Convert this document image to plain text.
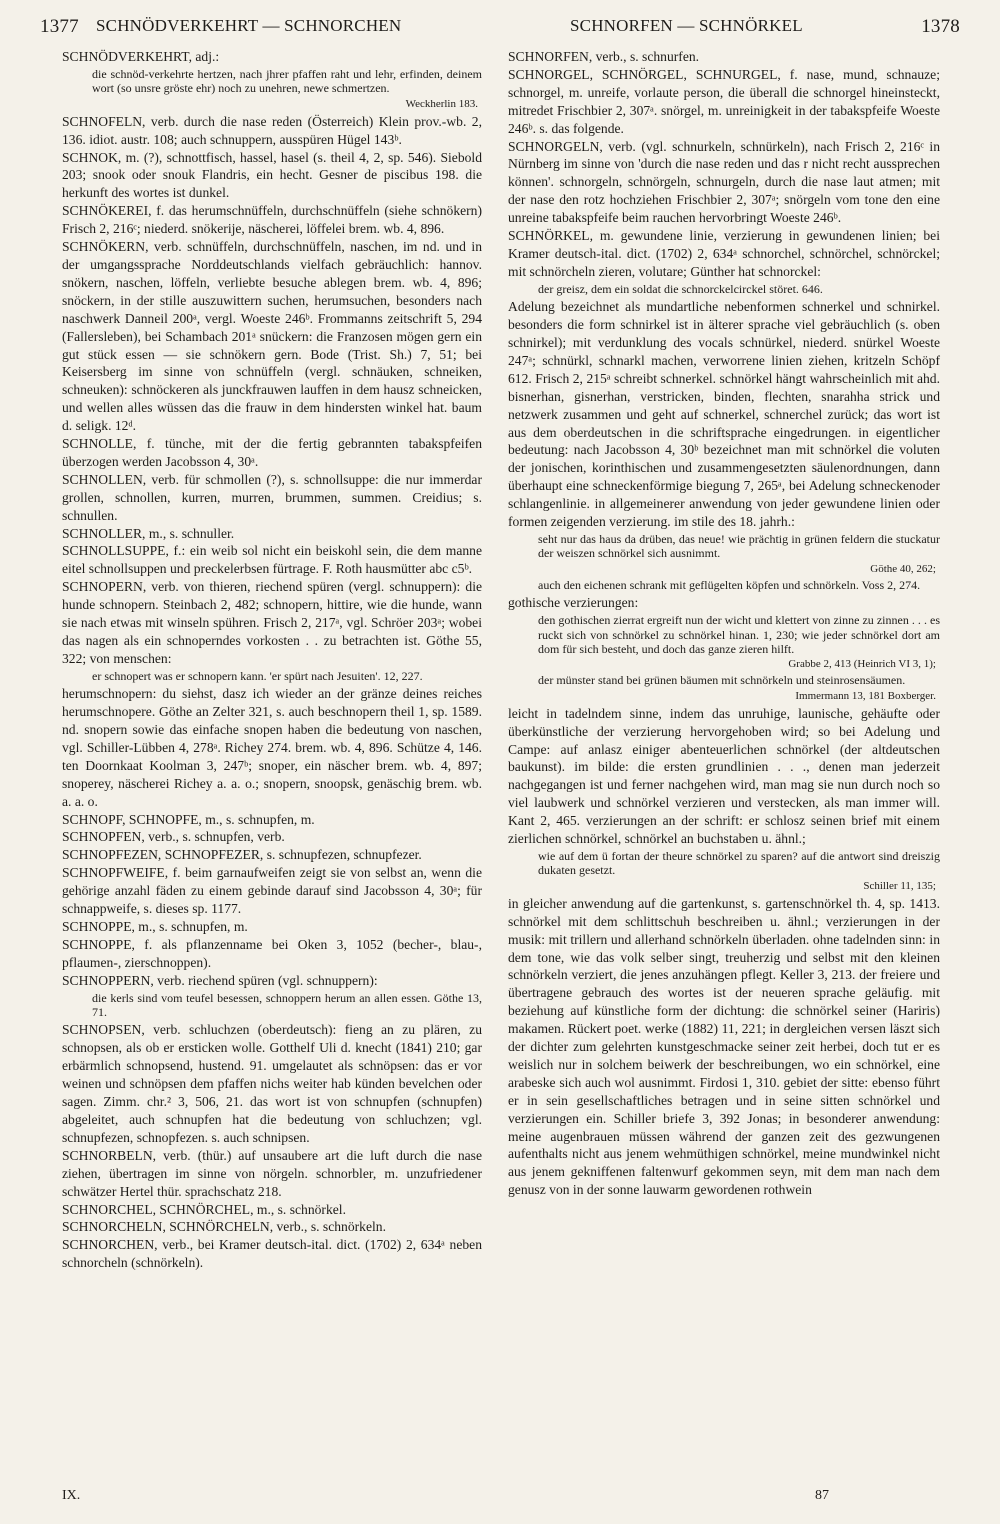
1377 SCHNÖDVERKEHRT — SCHNORCHEN	SCHNORFEN — SCHNÖRKEL	1378
SCHNÖDVERKEHRT, adj.:
die schnöd-verkehrte hertzen, nach jhrer pfaffen raht und lehr, erfinden, deinem wort (so unsre gröste ehr) noch zu unehren, newe schmertzen.
Weckherlin 183.
SCHNOFELN, verb. durch die nase reden (Österreich) Klein prov.-wb. 2, 136. idiot. austr. 108; auch schnuppern, ausspüren Hügel 143ᵇ.
SCHNOK, m. (?), schnottfisch, hassel, hasel (s. theil 4, 2, sp. 546). Siebold 203; snook oder snouk Flandris, ein hecht. Gesner de piscibus 198. die herkunft des wortes ist dunkel.
SCHNÖKEREI, f. das herumschnüffeln, durchschnüffeln (siehe schnökern) Frisch 2, 216ᶜ; niederd. snökerije, näscherei, löffelei brem. wb. 4, 896.
SCHNÖKERN, verb. schnüffeln, durchschnüffeln, naschen, im nd. und in der umgangssprache Norddeutschlands vielfach gebräuchlich: hannov. snökern, naschen, löffeln, verliebte besuche ablegen brem. wb. 4, 896; snöckern, in der stille auszuwittern suchen, herumsuchen, besonders nach naschwerk Danneil 200ᵃ, vergl. Woeste 246ᵇ. Frommanns zeitschrift 5, 294 (Fallersleben), bei Schambach 201ᵃ snückern: die Franzosen mögen gern ein gut stück essen — sie schnökern gern. Bode (Trist. Sh.) 7, 51; bei Keisersberg im sinne von schnüffeln (vergl. schnäuken, schneiken, schneuken): schnöckeren als junckfrauwen lauffen in dem hausz schneicken, und wellen alles wüssen das die frauw in dem hindersten winkel hat. baum d. seligk. 12ᵈ.
SCHNOLLE, f. tünche, mit der die fertig gebrannten tabakspfeifen überzogen werden Jacobsson 4, 30ᵃ.
SCHNOLLEN, verb. für schmollen (?), s. schnollsuppe: die nur immerdar grollen, schnollen, kurren, murren, brummen, summen. Creidius; s. schnullen.
SCHNOLLER, m., s. schnuller.
SCHNOLLSUPPE, f.: ein weib sol nicht ein beiskohl sein, die dem manne eitel schnollsuppen und preckelerbsen fürtrage. F. Roth hausmütter abc c5ᵇ.
SCHNOPERN, verb. von thieren, riechend spüren (vergl. schnuppern): die hunde schnopern. Steinbach 2, 482; schnopern, hittire, wie die hunde, wann sie nach etwas mit winseln spühren. Frisch 2, 217ᵃ, vgl. Schröer 203ᵃ; wobei das nagen als ein schnoperndes vorkosten . . zu betrachten ist. Göthe 55, 322; von menschen:
er schnopert was er schnopern kann. 'er spürt nach Jesuiten'. 12, 227.
herumschnopern: du siehst, dasz ich wieder an der gränze deines reiches herumschnopere. Göthe an Zelter 321, s. auch beschnopern theil 1, sp. 1589. nd. snopern sowie das einfache snopen haben die bedeutung von naschen, vgl. Schiller-Lübben 4, 278ᵃ. Richey 274. brem. wb. 4, 896. Schütze 4, 146. ten Doornkaat Koolman 3, 247ᵇ; snoper, ein näscher brem. wb. 4, 897; snoperey, näscherei Richey a. a. o.; snopern, snoopsk, genäschig brem. wb. a. a. o.
SCHNOPF, SCHNOPFE, m., s. schnupfen, m.
SCHNOPFEN, verb., s. schnupfen, verb.
SCHNOPFEZEN, SCHNOPFEZER, s. schnupfezen, schnupfezer.
SCHNOPFWEIFE, f. beim garnaufweifen zeigt sie von selbst an, wenn die gehörige anzahl fäden zu einem gebinde darauf sind Jacobsson 4, 30ᵃ; für schnappweife, s. dieses sp. 1177.
SCHNOPPE, m., s. schnupfen, m.
SCHNOPPE, f. als pflanzenname bei Oken 3, 1052 (becher-, blau-, pflaumen-, zierschnoppen).
SCHNOPPERN, verb. riechend spüren (vgl. schnuppern):
die kerls sind vom teufel besessen, schnoppern herum an allen essen. Göthe 13, 71.
SCHNOPSEN, verb. schluchzen (oberdeutsch): fieng an zu plären, zu schnopsen, als ob er ersticken wolle. Gotthelf Uli d. knecht (1841) 210; gar erbärmlich schnopsend, hustend. 91. umgelautet als schnöpsen: das er vor weinen und schnöpsen dem pfaffen nichs weiter hab künden bevelchen oder sagen. Zimm. chr.² 3, 506, 21. das wort ist von schnupfen (schnupfen) abgeleitet, auch schnupfen hat die bedeutung von schluchzen; vgl. schnupfezen, schnopfezen. s. auch schnipsen.
SCHNORBELN, verb. (thür.) auf unsaubere art die luft durch die nase ziehen, übertragen im sinne von nörgeln. schnorbler, m. unzufriedener schwätzer Hertel thür. sprachschatz 218.
SCHNORCHEL, SCHNÖRCHEL, m., s. schnörkel.
SCHNORCHELN, SCHNÖRCHELN, verb., s. schnörkeln.
SCHNORCHEN, verb., bei Kramer deutsch-ital. dict. (1702) 2, 634ᵃ neben schnorcheln (schnörkeln).
SCHNORFEN, verb., s. schnurfen.
SCHNORGEL, SCHNÖRGEL, SCHNURGEL, f. nase, mund, schnauze; schnorgel, m. unreife, vorlaute person, die überall die schnorgel hineinsteckt, mitredet Frischbier 2, 307ᵃ. snörgel, m. unreinigkeit in der tabakspfeife Woeste 246ᵇ. s. das folgende.
SCHNORGELN, verb. (vgl. schnurkeln, schnürkeln), nach Frisch 2, 216ᶜ in Nürnberg im sinne von 'durch die nase reden und das r nicht recht aussprechen können'. schnorgeln, schnörgeln, schnurgeln, durch die nase laut atmen; mit der nase den rotz hochziehen Frischbier 2, 307ᵃ; snörgeln vom tone den eine unreine tabakspfeife beim rauchen hervorbringt Woeste 246ᵇ.
SCHNÖRKEL, m. gewundene linie, verzierung in gewundenen linien; bei Kramer deutsch-ital. dict. (1702) 2, 634ᵃ schnorchel, schnörchel, schnörckel; mit schnörcheln zieren, volutare; Günther hat schnorckel:
der greisz, dem ein soldat die schnorckelcirckel störet. 646.
Adelung bezeichnet als mundartliche nebenformen schnerkel und schnirkel. besonders die form schnirkel ist in älterer sprache viel gebräuchlich (s. oben schnirkel); mit verdunklung des vocals schnürkel, niederd. snürkel Woeste 247ᵃ; schnürkl, schnarkl machen, verworrene linien ziehen, kritzeln Schöpf 612. Frisch 2, 215ᵃ schreibt schnerkel. schnörkel hängt wahrscheinlich mit ahd. bisnerhan, gisnerhan, verstricken, binden, flechten, snarahha strick und netzwerk zusammen und geht auf schnerkel, schnerchel zurück; das wort ist aus dem oberdeutschen in die schriftsprache eingedrungen. in eigentlicher bedeutung: nach Jacobsson 4, 30ᵇ bezeichnet man mit schnörkel die voluten der jonischen, korinthischen und zusammengesetzten säulenordnungen, dann überhaupt eine schneckenförmige biegung 7, 265ᵃ, bei Adelung schneckenoder schlangenlinie. in allgemeinerer anwendung von jeder gewundene linien oder formen zeigenden verzierung. im stile des 18. jahrh.:
seht nur das haus da drüben, das neue! wie prächtig in grünen feldern die stuckatur der weiszen schnörkel sich ausnimmt.
Göthe 40, 262;
auch den eichenen schrank mit geflügelten köpfen und schnörkeln. Voss 2, 274.
gothische verzierungen:
den gothischen zierrat ergreift nun der wicht und klettert von zinne zu zinnen . . . es ruckt sich von schnörkel zu schnörkel hinan. 1, 230; wie jeder schnörkel dort am dom für sich besteht, und doch das ganze zieren hilft.
Grabbe 2, 413 (Heinrich VI 3, 1);
der münster stand bei grünen bäumen mit schnörkeln und steinrosensäumen.
Immermann 13, 181 Boxberger.
leicht in tadelndem sinne, indem das unruhige, launische, gehäufte oder überkünstliche der verzierung hervorgehoben wird; so bei Adelung und Campe: auf anlasz einiger abenteuerlichen schnörkel (der altdeutschen baukunst). im bilde: die ersten grundlinien . . ., denen man jederzeit nachgegangen ist und ferner nachgehen wird, man mag sie nun durch noch so viel laubwerk und schnörkel verzieren und verstecken, als man immer will. Kant 2, 465. verzierungen an der schrift: er schlosz seinen brief mit einem zierlichen schnörkel, schnörkel an buchstaben u. ähnl.;
wie auf dem ü fortan der theure schnörkel zu sparen? auf die antwort sind dreiszig dukaten gesetzt.
Schiller 11, 135;
in gleicher anwendung auf die gartenkunst, s. gartenschnörkel th. 4, sp. 1413. schnörkel mit dem schlittschuh beschreiben u. ähnl.; verzierungen in der musik: mit trillern und allerhand schnörkeln überladen. ohne tadelnden sinn: in dem tone, wie das volk selber singt, treuherzig und selbst mit den kleinen schnörkeln verziert, die jenes anzuhängen pflegt. Keller 3, 213. der freiere und übertragene gebrauch des wortes ist der neueren sprache geläufig. mit beziehung auf künstliche form der dichtung: die schnörkel seiner (Hariris) makamen. Rückert poet. werke (1882) 11, 221; in dergleichen versen läszt sich der dichter zum gelehrten kunstgeschmacke seiner zeit herbei, doch tut er es weislich nur in solchem beiwerk der beschreibungen, wo ein schnörkel, eine arabeske sich auch wol ausnimmt. Firdosi 1, 310. gebiet der sitte: ebenso führt er in sein gesellschaftliches betragen und in seine sitten schnörkel und verzierungen ein. Schiller briefe 3, 392 Jonas; in besonderer anwendung: meine augenbrauen müssen während der ganzen zeit des gezwungenen aufenthalts nicht aus jenem wehmüthigen schnörkel, meine mundwinkel nicht aus jenem gekniffenen faltenwurf gekommen seyn, mit dem man nach dem genusz von in der sonne lauwarm gewordenen rothwein
IX.	87
